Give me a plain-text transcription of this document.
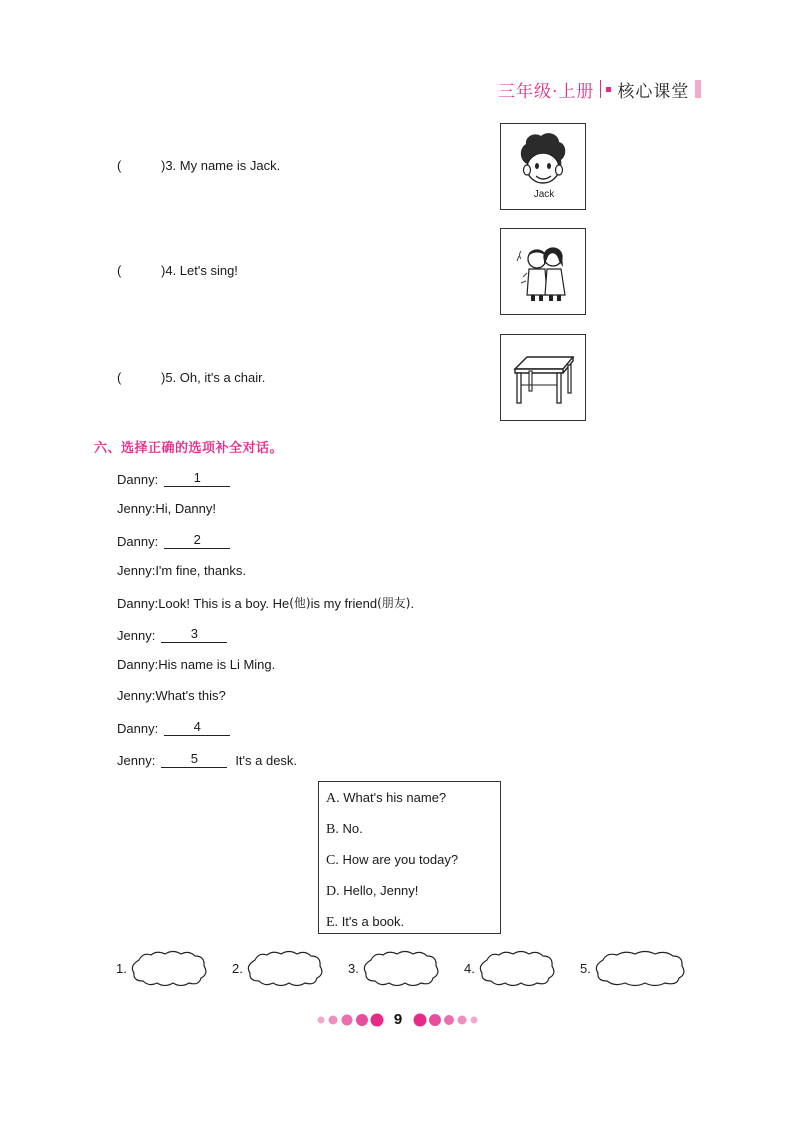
三年级·上册 核心课堂
(	)3. My name is Jack.
Jack
(	)4. Let's sing!
(	)5. Oh, it's a chair.
六、选择正确的选项补全对话。
Danny:	1
Jenny: Hi, Danny!
Danny:	2
Jenny: I'm fine, thanks.
Danny: Look! This is a boy. He (他) is my friend (朋友) .
Jenny:	3
Danny: His name is Li Ming.
Jenny: What's this?
Danny:	4
Jenny:	5	It's a desk.
A. What's his name?
B. No.
C. How are you today?
D. Hello, Jenny!
E. It's a book.
1.	2.	3.	4.	5.
9
